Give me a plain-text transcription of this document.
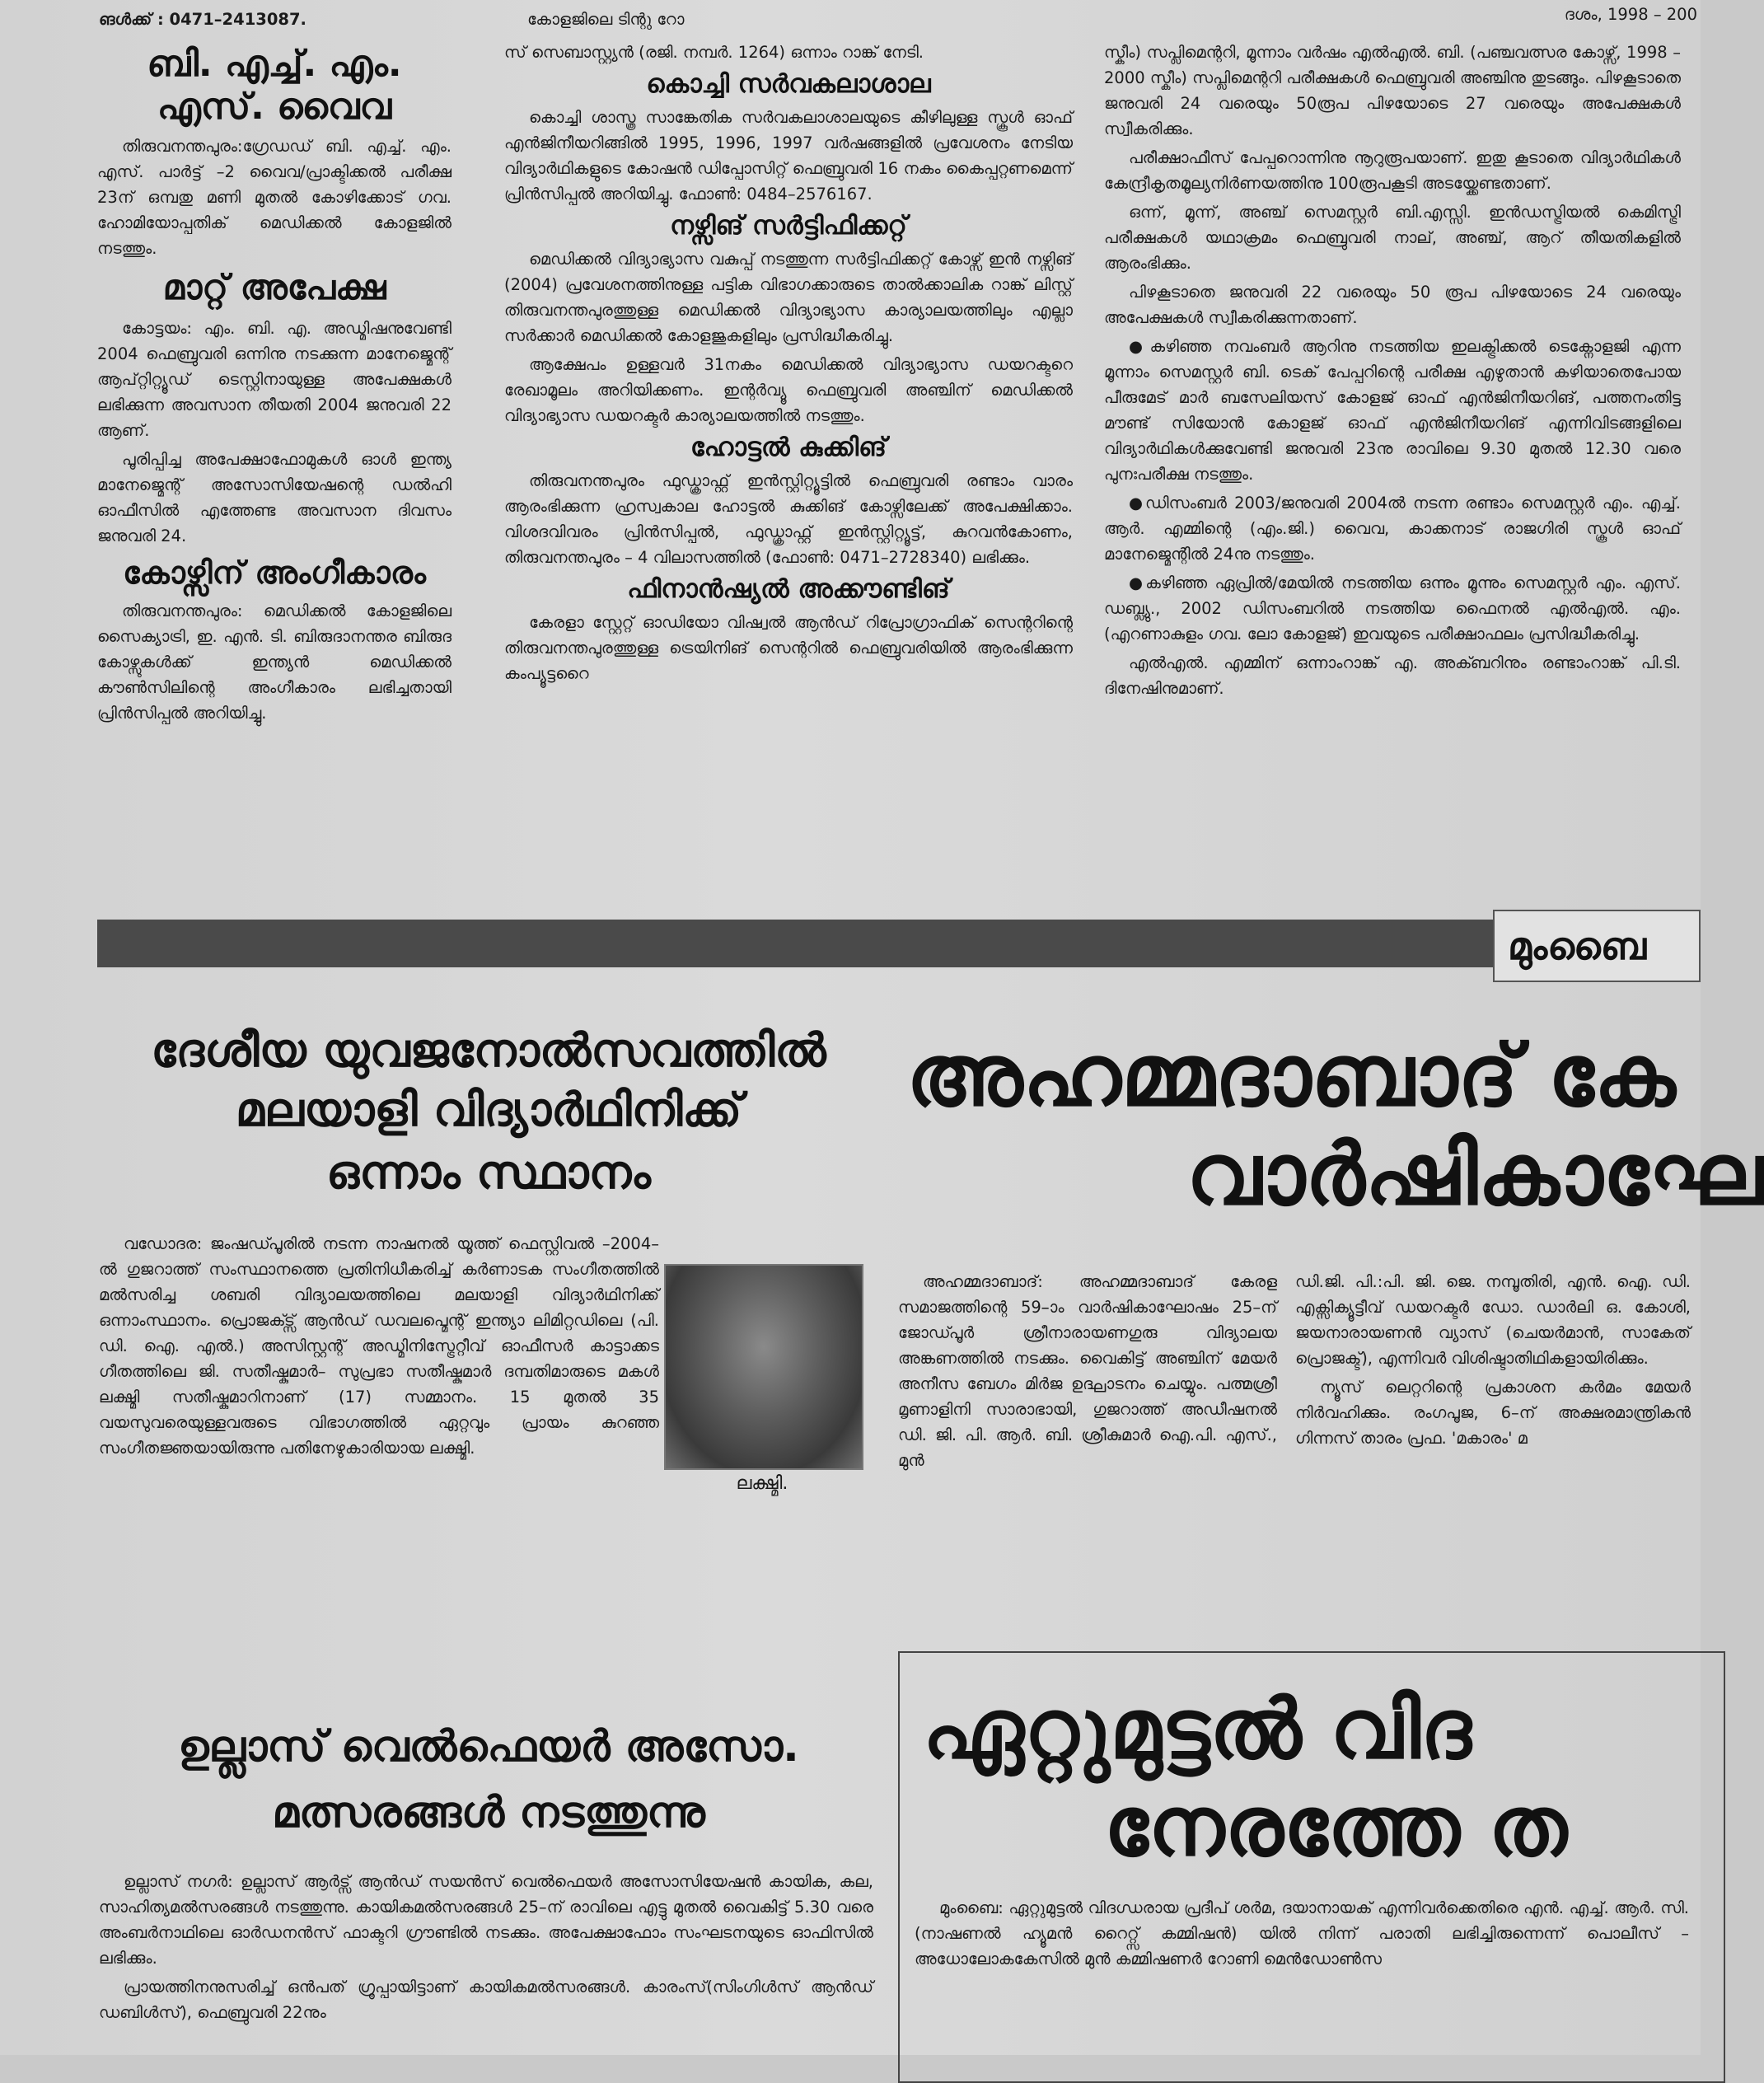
ങൾക്ക് : 0471–2413087.	കോളജിലെ ടിന്റു റോ	ദശം, 1998 – 200
ബി. എച്ച്. എം. എസ്. വൈവ

തിരുവനന്തപുരം:ഗ്രേഡഡ് ബി. എച്ച്. എം. എസ്. പാർട്ട് –2 വൈവ/പ്രാക്ടിക്കൽ പരീക്ഷ 23ന് ഒമ്പതു മണി മുതൽ കോഴിക്കോട് ഗവ. ഹോമിയോപ്പതിക് മെഡിക്കൽ കോളജിൽ നടത്തും.

മാറ്റ് അപേക്ഷ

കോട്ടയം: എം. ബി. എ. അഡ്മിഷനുവേണ്ടി 2004 ഫെബ്രുവരി ഒന്നിനു നടക്കുന്ന മാനേജ്മെന്റ് ആപ്റ്റിറ്റ്യൂഡ് ടെസ്റ്റിനായുള്ള അപേക്ഷകൾ ലഭിക്കുന്ന അവസാന തീയതി 2004 ജനുവരി 22 ആണ്.

പൂരിപ്പിച്ച അപേക്ഷാഫോമുകൾ ഓൾ ഇന്ത്യ മാനേജ്മെന്റ് അസോസിയേഷന്റെ ഡൽഹി ഓഫീസിൽ എത്തേണ്ട അവസാന ദിവസം ജനുവരി 24.

കോഴ്സിന് അംഗീകാരം

തിരുവനന്തപുരം: മെഡിക്കൽ കോളജിലെ സൈക്യാട്രി, ഇ. എൻ. ടി. ബിരുദാനന്തര ബിരുദ കോഴ്സുകൾക്ക് ഇന്ത്യൻ മെഡിക്കൽ കൗൺസിലിന്റെ അംഗീകാരം ലഭിച്ചതായി പ്രിൻസിപ്പൽ അറിയിച്ചു.

സ് സെബാസ്റ്റ്യൻ (രജി. നമ്പർ. 1264) ഒന്നാം റാങ്ക് നേടി.

കൊച്ചി സർവകലാശാല

കൊച്ചി ശാസ്ത്ര സാങ്കേതിക സർവകലാശാലയുടെ കീഴിലുള്ള സ്കൂൾ ഓഫ് എൻജിനീയറിങ്ങിൽ 1995, 1996, 1997 വർഷങ്ങളിൽ പ്രവേശനം നേടിയ വിദ്യാർഥികളുടെ കോഷൻ ഡിപ്പോസിറ്റ് ഫെബ്രുവരി 16 നകം കൈപ്പറ്റണമെന്ന് പ്രിൻസിപ്പൽ അറിയിച്ചു. ഫോൺ: 0484–2576167.

നഴ്സിങ് സർട്ടിഫിക്കറ്റ്

മെഡിക്കൽ വിദ്യാഭ്യാസ വകുപ്പ് നടത്തുന്ന സർട്ടിഫിക്കറ്റ് കോഴ്സ് ഇൻ നഴ്സിങ് (2004) പ്രവേശനത്തിനുള്ള പട്ടിക വിഭാഗക്കാരുടെ താൽക്കാലിക റാങ്ക് ലിസ്റ്റ് തിരുവനന്തപുരത്തുള്ള മെഡിക്കൽ വിദ്യാഭ്യാസ കാര്യാലയത്തിലും എല്ലാ സർക്കാർ മെഡിക്കൽ കോളജുകളിലും പ്രസിദ്ധീകരിച്ചു.

ആക്ഷേപം ഉള്ളവർ 31നകം മെഡിക്കൽ വിദ്യാഭ്യാസ ഡയറക്ടറെ രേഖാമൂലം അറിയിക്കണം. ഇന്റർവ്യൂ ഫെബ്രുവരി അഞ്ചിന് മെഡിക്കൽ വിദ്യാഭ്യാസ ഡയറക്ടർ കാര്യാലയത്തിൽ നടത്തും.

ഹോട്ടൽ കുക്കിങ്

തിരുവനന്തപുരം ഫുഡ്ക്രാഫ്റ്റ് ഇൻസ്റ്റിറ്റ്യൂട്ടിൽ ഫെബ്രുവരി രണ്ടാം വാരം ആരംഭിക്കുന്ന ഹ്രസ്വകാല ഹോട്ടൽ കുക്കിങ് കോഴ്സിലേക്ക് അപേക്ഷിക്കാം. വിശദവിവരം പ്രിൻസിപ്പൽ, ഫുഡ്ക്രാഫ്റ്റ് ഇൻസ്റ്റിറ്റ്യൂട്ട്, കുറവൻകോണം, തിരുവനന്തപുരം – 4 വിലാസത്തിൽ (ഫോൺ: 0471–2728340) ലഭിക്കും.

ഫിനാൻഷ്യൽ അക്കൗണ്ടിങ്

കേരളാ സ്റ്റേറ്റ് ഓഡിയോ വിഷ്വൽ ആൻഡ് റിപ്രോഗ്രാഫിക് സെന്ററിന്റെ തിരുവനന്തപുരത്തുള്ള ട്രെയിനിങ് സെന്ററിൽ ഫെബ്രുവരിയിൽ ആരംഭിക്കുന്ന കംപ്യൂട്ടറൈ

സ്കീം) സപ്ലിമെന്ററി, മൂന്നാം വർഷം എൽഎൽ. ബി. (പഞ്ചവത്സര കോഴ്സ്, 1998 –2000 സ്കീം) സപ്ലിമെന്ററി പരീക്ഷകൾ ഫെബ്രുവരി അഞ്ചിനു തുടങ്ങും. പിഴകൂടാതെ ജനുവരി 24 വരെയും 50രൂപ പിഴയോടെ 27 വരെയും അപേക്ഷകൾ സ്വീകരിക്കും.

പരീക്ഷാഫീസ് പേപ്പറൊന്നിനു നൂറുരൂപയാണ്. ഇതു കൂടാതെ വിദ്യാർഥികൾ കേന്ദ്രീകൃതമൂല്യനിർണയത്തിനു 100രൂപകൂടി അടയ്ക്കേണ്ടതാണ്.

ഒന്ന്, മൂന്ന്, അഞ്ച് സെമസ്റ്റർ ബി.എസ്സി. ഇൻഡസ്ട്രിയൽ കെമിസ്ട്രി പരീക്ഷകൾ യഥാക്രമം ഫെബ്രുവരി നാല്, അഞ്ച്, ആറ് തീയതികളിൽ ആരംഭിക്കും.

പിഴകൂടാതെ ജനുവരി 22 വരെയും 50 രൂപ പിഴയോടെ 24 വരെയും അപേക്ഷകൾ സ്വീകരിക്കുന്നതാണ്.

●കഴിഞ്ഞ നവംബർ ആറിനു നടത്തിയ ഇലക്ട്രിക്കൽ ടെക്നോളജി എന്ന മൂന്നാം സെമസ്റ്റർ ബി. ടെക് പേപ്പറിന്റെ പരീക്ഷ എഴുതാൻ കഴിയാതെപോയ പീരുമേട് മാർ ബസേലിയസ് കോളജ് ഓഫ് എൻജിനീയറിങ്, പത്തനംതിട്ട മൗണ്ട് സിയോൻ കോളജ് ഓഫ് എൻജിനീയറിങ് എന്നിവിടങ്ങളിലെ വിദ്യാർഥികൾക്കുവേണ്ടി ജനുവരി 23നു രാവിലെ 9.30 മുതൽ 12.30 വരെ പുനഃപരീക്ഷ നടത്തും.

●ഡിസംബർ 2003/ജനുവരി 2004ൽ നടന്ന രണ്ടാം സെമസ്റ്റർ എം. എച്ച്. ആർ. എമ്മിന്റെ (എം.ജി.) വൈവ, കാക്കനാട് രാജഗിരി സ്കൂൾ ഓഫ് മാനേജ്മെന്റിൽ 24നു നടത്തും.

●കഴിഞ്ഞ ഏപ്രിൽ/മേയിൽ നടത്തിയ ഒന്നും മൂന്നും സെമസ്റ്റർ എം. എസ്. ഡബ്ല്യു., 2002 ഡിസംബറിൽ നടത്തിയ ഫൈനൽ എൽഎൽ. എം. (എറണാകുളം ഗവ. ലോ കോളജ്) ഇവയുടെ പരീക്ഷാഫലം പ്രസിദ്ധീകരിച്ചു.

എൽഎൽ. എമ്മിന് ഒന്നാംറാങ്ക് എ. അക്ബറിനും രണ്ടാംറാങ്ക് പി.ടി. ദിനേഷിനുമാണ്.

മുംബൈ
ദേശീയ യുവജനോൽസവത്തിൽ
മലയാളി വിദ്യാർഥിനിക്ക്
ഒന്നാം സ്ഥാനം

വഡോദര: ജംഷഡ്പൂരിൽ നടന്ന നാഷനൽ യൂത്ത് ഫെസ്റ്റിവൽ –2004–ൽ ഗുജറാത്ത് സംസ്ഥാനത്തെ പ്രതിനിധീകരിച്ച് കർണാടക സംഗീതത്തിൽ മൽസരിച്ച ശബരി വിദ്യാലയത്തിലെ മലയാളി വിദ്യാർഥിനിക്ക് ഒന്നാംസ്ഥാനം. പ്രൊജക്ട്സ് ആൻഡ് ഡവലപ്മെന്റ് ഇന്ത്യാ ലിമിറ്റഡിലെ (പി. ഡി. ഐ. എൽ.) അസിസ്റ്റന്റ് അഡ്മിനിസ്ട്രേറ്റീവ് ഓഫീസർ കാട്ടാക്കട ഗീതത്തിലെ ജി. സതീഷ്കുമാർ– സുപ്രഭാ സതീഷ്കുമാർ ദമ്പതിമാരുടെ മകൾ ലക്ഷ്മി സതീഷ്കുമാറിനാണ് (17) സമ്മാനം. 15 മുതൽ 35 വയസുവരെയുള്ളവരുടെ വിഭാഗത്തിൽ ഏറ്റവും പ്രായം കുറഞ്ഞ സംഗീതജ്ഞയായിരുന്നു പതിനേഴുകാരിയായ ലക്ഷ്മി.

ലക്ഷ്മി.
ഉല്ലാസ് വെൽഫെയർ അസോ.
മത്സരങ്ങൾ നടത്തുന്നു

ഉല്ലാസ് നഗർ: ഉല്ലാസ് ആർട്സ് ആൻഡ് സയൻസ് വെൽഫെയർ അസോസിയേഷൻ കായിക, കല, സാഹിത്യമൽസരങ്ങൾ നടത്തുന്നു. കായികമൽസരങ്ങൾ 25–ന് രാവിലെ എട്ടു മുതൽ വൈകിട്ട് 5.30 വരെ അംബർനാഥിലെ ഓർഡനൻസ് ഫാക്ടറി ഗ്രൗണ്ടിൽ നടക്കും. അപേക്ഷാഫോം സംഘടനയുടെ ഓഫിസിൽ ലഭിക്കും.

പ്രായത്തിനനുസരിച്ച് ഒൻപത് ഗ്രൂപ്പായിട്ടാണ് കായികമൽസരങ്ങൾ. കാരംസ്(സിംഗിൾസ് ആൻഡ് ഡബിൾസ്), ഫെബ്രുവരി 22നും

അഹമ്മദാബാദ് കേ
വാർഷികാഘേ

അഹമ്മദാബാദ്: അഹമ്മദാബാദ് കേരള സമാജത്തിന്റെ 59–ാം വാർഷികാഘോഷം 25–ന് ജോഡ്പൂർ ശ്രീനാരായണഗുരു വിദ്യാലയ അങ്കണത്തിൽ നടക്കും. വൈകിട്ട് അഞ്ചിന് മേയർ അനീസ ബേഗം മിർജ ഉദ്ഘാടനം ചെയ്യും. പത്മശ്രീ മൃണാളിനി സാരാഭായി, ഗുജറാത്ത് അഡീഷനൽ ഡി. ജി. പി. ആർ. ബി. ശ്രീകുമാർ ഐ.പി. എസ്., മുൻ

ഡി.ജി. പി.:പി. ജി. ജെ. നമ്പൂതിരി, എൻ. ഐ. ഡി. എക്സിക്യൂട്ടീവ് ഡയറക്ടർ ഡോ. ഡാർലി ഒ. കോശി, ജയനാരായണൻ വ്യാസ് (ചെയർമാൻ, സാകേത് പ്രൊജക്ട്), എന്നിവർ വിശിഷ്ടാതിഥികളായിരിക്കും.

ന്യൂസ് ലെറ്ററിന്റെ പ്രകാശന കർമം മേയർ നിർവഹിക്കും. രംഗപൂജ, 6–ന് അക്ഷരമാന്ത്രികൻ ഗിന്നസ് താരം പ്രഫ. 'മകാരം' മ

ഏറ്റുമുട്ടൽ വിദ
നേരത്തേ ത

മുംബൈ: ഏറ്റുമുട്ടൽ വിദഗ്ധരായ പ്രദീപ് ശർമ, ദയാനായക് എന്നിവർക്കെതിരെ എൻ. എച്ച്. ആർ. സി. (നാഷണൽ ഹ്യൂമൻ റൈറ്റ്സ് കമ്മിഷൻ) യിൽ നിന്ന് പരാതി ലഭിച്ചിരുന്നെന്ന് പൊലീസ് – അധോലോകകേസിൽ മുൻ കമ്മിഷണർ റോണി മെൻഡോൺസ
